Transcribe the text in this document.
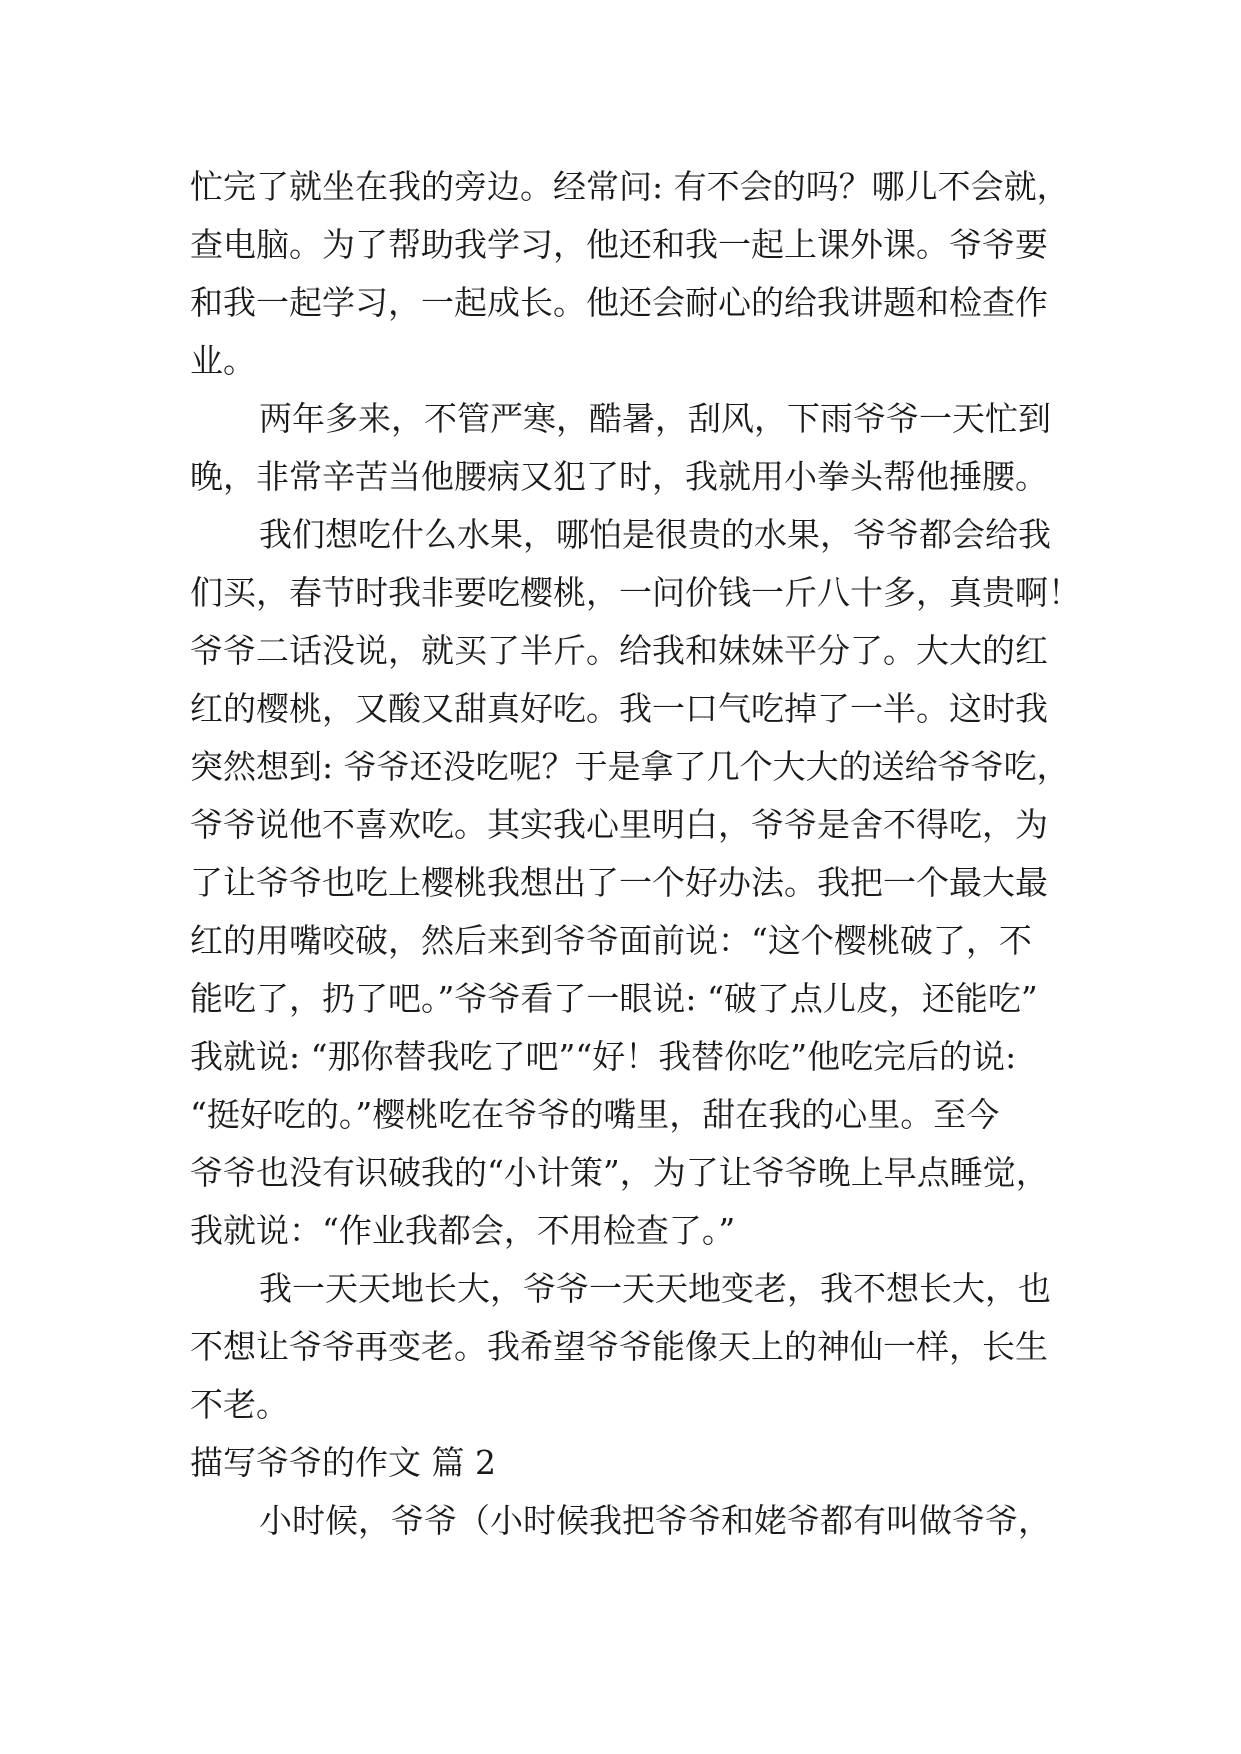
忙完了就坐在我的旁边。经常问: 有不会的吗？哪儿不会就，
查电脑。为了帮助我学习，他还和我一起上课外课。爷爷要
和我一起学习，一起成长。他还会耐心的给我讲题和检查作
业。
两年多来，不管严寒，酷暑，刮风，下雨爷爷一天忙到
晚，非常辛苦当他腰病又犯了时，我就用小拳头帮他捶腰。
我们想吃什么水果，哪怕是很贵的水果，爷爷都会给我
们买，春节时我非要吃樱桃，一问价钱一斤八十多，真贵啊！
爷爷二话没说，就买了半斤。给我和妹妹平分了。大大的红
红的樱桃，又酸又甜真好吃。我一口气吃掉了一半。这时我
突然想到: 爷爷还没吃呢？于是拿了几个大大的送给爷爷吃，
爷爷说他不喜欢吃。其实我心里明白，爷爷是舍不得吃，为
了让爷爷也吃上樱桃我想出了一个好办法。我把一个最大最
红的用嘴咬破，然后来到爷爷面前说：“这个樱桃破了，不
能吃了，扔了吧。”爷爷看了一眼说: “破了点儿皮，还能吃”
我就说: “那你替我吃了吧”“好！我替你吃”他吃完后的说:
“挺好吃的。”樱桃吃在爷爷的嘴里，甜在我的心里。至今
爷爷也没有识破我的“小计策”，为了让爷爷晚上早点睡觉，
我就说：“作业我都会，不用检查了。”
我一天天地长大，爷爷一天天地变老，我不想长大，也
不想让爷爷再变老。我希望爷爷能像天上的神仙一样，长生
不老。
描写爷爷的作文 篇 2
小时候，爷爷（小时候我把爷爷和姥爷都有叫做爷爷，
